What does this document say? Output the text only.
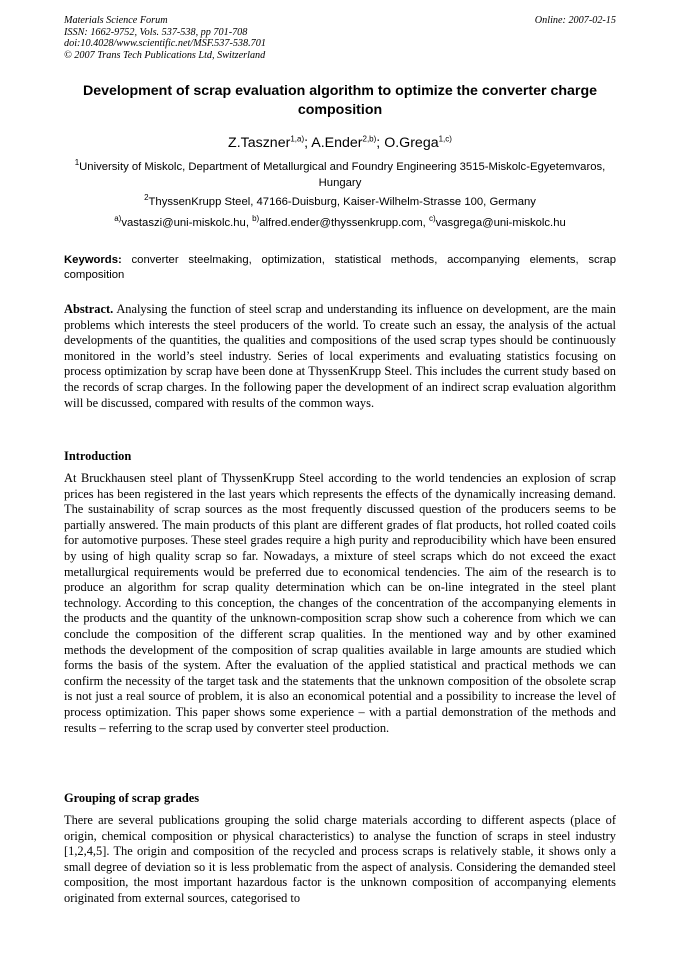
Materials Science Forum
ISSN: 1662-9752, Vols. 537-538, pp 701-708
doi:10.4028/www.scientific.net/MSF.537-538.701
© 2007 Trans Tech Publications Ltd, Switzerland
Online: 2007-02-15
Development of scrap evaluation algorithm to optimize the converter charge composition
Z.Taszner$^{1,a)}$; A.Ender$^{2,b)}$; O.Grega$^{1,c)}$
$^1$University of Miskolc, Department of Metallurgical and Foundry Engineering 3515-Miskolc-Egyetemvaros, Hungary
$^2$ThyssenKrupp Steel, 47166-Duisburg, Kaiser-Wilhelm-Strasse 100, Germany
$^{a)}$vastaszi@uni-miskolc.hu, $^{b)}$alfred.ender@thyssenkrupp.com, $^{c)}$vasgrega@uni-miskolc.hu
Keywords: converter steelmaking, optimization, statistical methods, accompanying elements, scrap composition
Abstract. Analysing the function of steel scrap and understanding its influence on development, are the main problems which interests the steel producers of the world. To create such an essay, the analysis of the actual developments of the quantities, the qualities and compositions of the used scrap types should be continuously monitored in the world’s steel industry. Series of local experiments and evaluating statistics focusing on process optimization by scrap have been done at ThyssenKrupp Steel. This includes the current study based on the records of scrap charges. In the following paper the development of an indirect scrap evaluation algorithm will be discussed, compared with results of the common ways.
Introduction
At Bruckhausen steel plant of ThyssenKrupp Steel according to the world tendencies an explosion of scrap prices has been registered in the last years which represents the effects of the dynamically increasing demand. The sustainability of scrap sources as the most frequently discussed question of the producers seems to be partially answered. The main products of this plant are different grades of flat products, hot rolled coated coils for automotive purposes. These steel grades require a high purity and reproducibility which have been ensured by using of high quality scrap so far. Nowadays, a mixture of steel scraps which do not exceed the exact metallurgical requirements would be preferred due to economical tendencies. The aim of the research is to produce an algorithm for scrap quality determination which can be on-line integrated in the steel plant technology. According to this conception, the changes of the concentration of the accompanying elements in the products and the quantity of the unknown-composition scrap show such a coherence from which we can conclude the composition of the different scrap qualities. In the mentioned way and by other examined methods the development of the composition of scrap qualities available in large amounts are studied which forms the basis of the system. After the evaluation of the applied statistical and practical methods we can confirm the necessity of the target task and the statements that the unknown composition of the obsolete scrap is not just a real source of problem, it is also an economical potential and a possibility to increase the level of process optimization. This paper shows some experience – with a partial demonstration of the methods and results – referring to the scrap used by converter steel production.
Grouping of scrap grades
There are several publications grouping the solid charge materials according to different aspects (place of origin, chemical composition or physical characteristics) to analyse the function of scraps in steel industry [1,2,4,5]. The origin and composition of the recycled and process scraps is relatively stable, it shows only a small degree of deviation so it is less problematic from the aspect of analysis. Considering the demanded steel composition, the most important hazardous factor is the unknown composition of accompanying elements originated from external sources, categorised to
